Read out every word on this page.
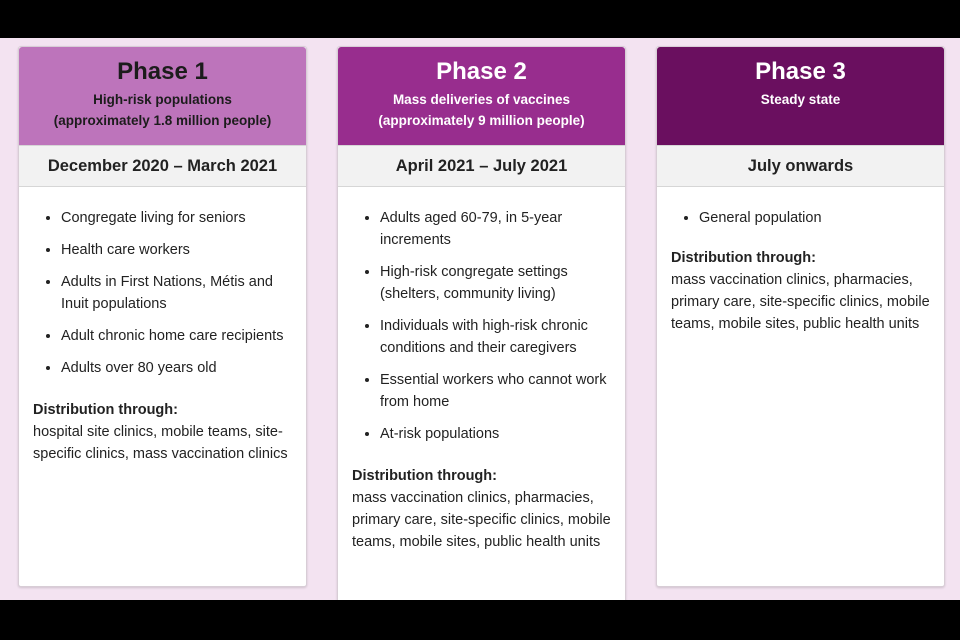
Phase 1
High-risk populations
(approximately 1.8 million people)
December 2020 – March 2021
• Congregate living for seniors
• Health care workers
• Adults in First Nations, Métis and Inuit populations
• Adult chronic home care recipients
• Adults over 80 years old
Distribution through:
hospital site clinics, mobile teams, site-specific clinics, mass vaccination clinics
Phase 2
Mass deliveries of vaccines
(approximately 9 million people)
April 2021 – July 2021
• Adults aged 60-79, in 5-year increments
• High-risk congregate settings (shelters, community living)
• Individuals with high-risk chronic conditions and their caregivers
• Essential workers who cannot work from home
• At-risk populations
Distribution through:
mass vaccination clinics, pharmacies, primary care, site-specific clinics, mobile teams, mobile sites, public health units
Phase 3
Steady state
July onwards
• General population
Distribution through:
mass vaccination clinics, pharmacies, primary care, site-specific clinics, mobile teams, mobile sites, public health units
